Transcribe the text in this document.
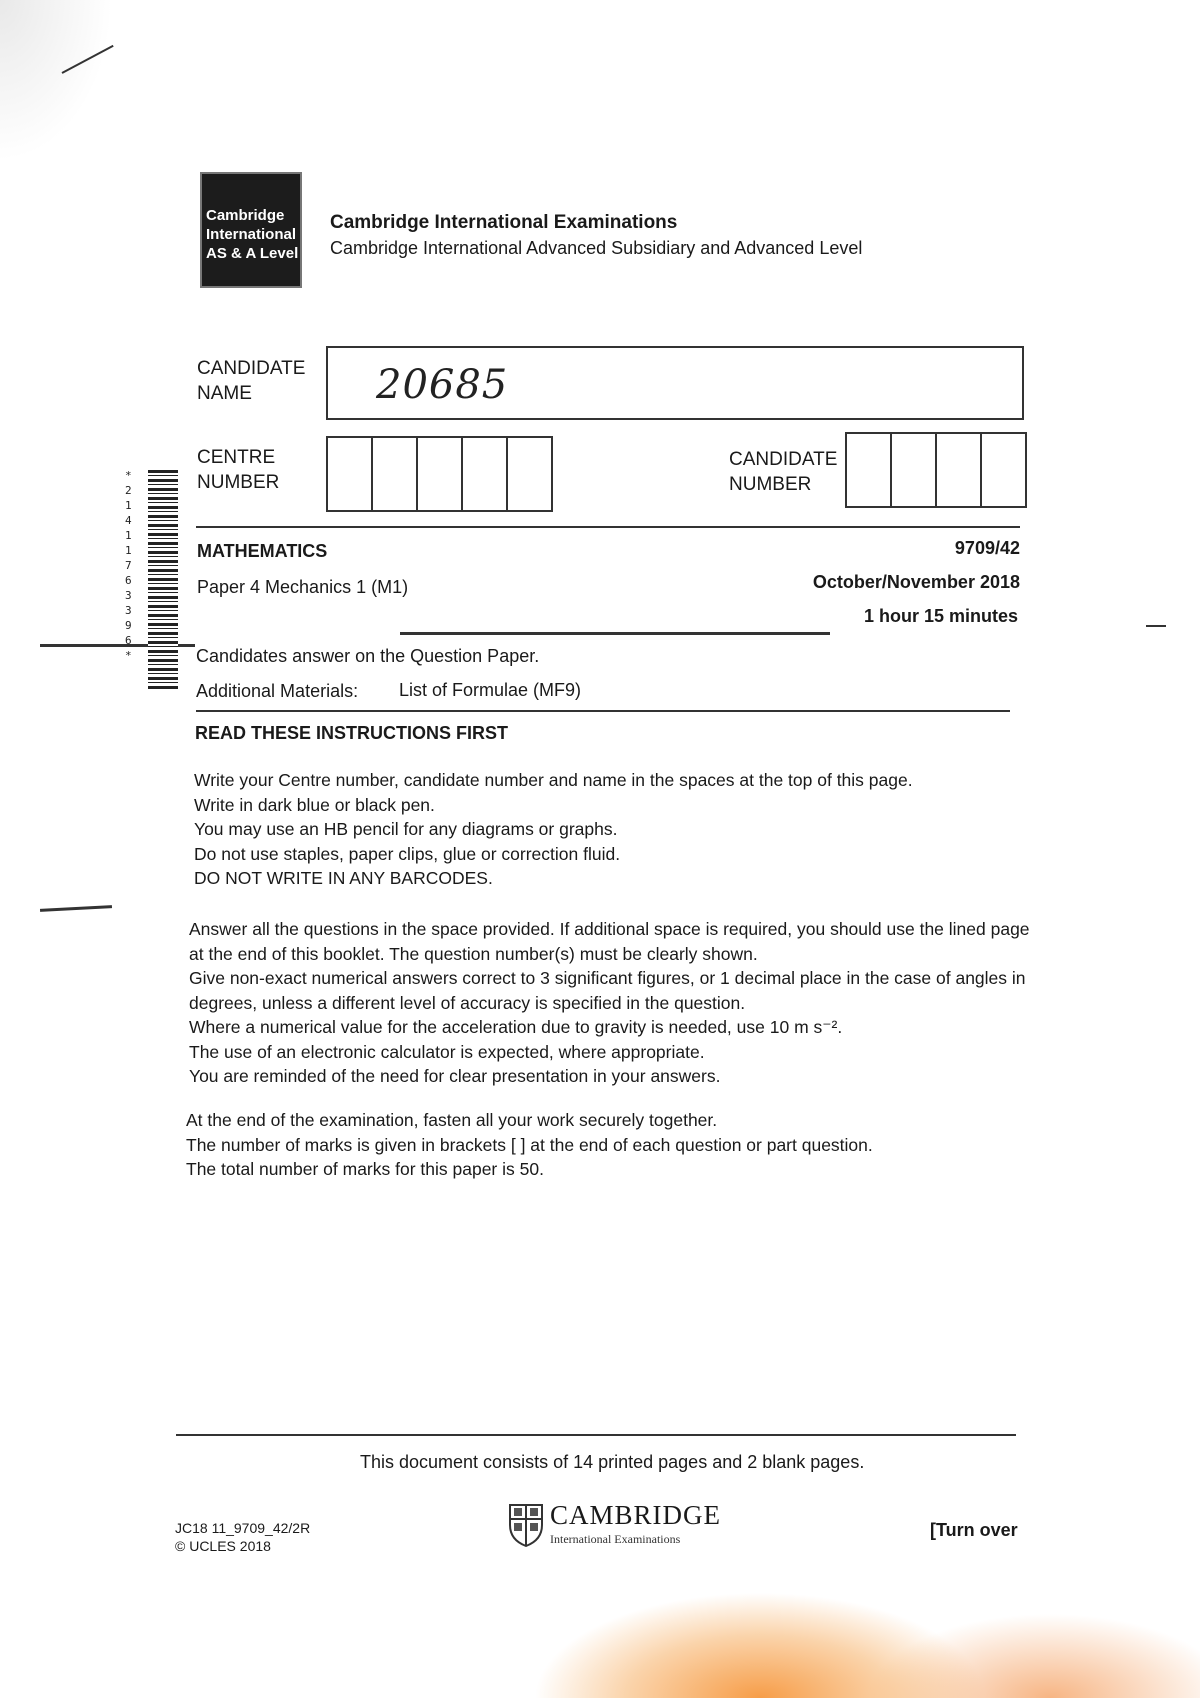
Cambridge
International
AS & A Level
Cambridge International Examinations
Cambridge International Advanced Subsidiary and Advanced Level
CANDIDATE
NAME	20685
CENTRE
NUMBER
CANDIDATE
NUMBER
* 2 1 4 1 1 7 6 3 3 9 6 *
MATHEMATICS	9709/42
Paper 4 Mechanics 1 (M1)	October/November 2018
1 hour 15 minutes
Candidates answer on the Question Paper.
Additional Materials: List of Formulae (MF9)
READ THESE INSTRUCTIONS FIRST
Write your Centre number, candidate number and name in the spaces at the top of this page.
Write in dark blue or black pen.
You may use an HB pencil for any diagrams or graphs.
Do not use staples, paper clips, glue or correction fluid.
DO NOT WRITE IN ANY BARCODES.
Answer all the questions in the space provided. If additional space is required, you should use the lined page
at the end of this booklet. The question number(s) must be clearly shown.
Give non-exact numerical answers correct to 3 significant figures, or 1 decimal place in the case of angles in
degrees, unless a different level of accuracy is specified in the question.
Where a numerical value for the acceleration due to gravity is needed, use 10 m s⁻².
The use of an electronic calculator is expected, where appropriate.
You are reminded of the need for clear presentation in your answers.
At the end of the examination, fasten all your work securely together.
The number of marks is given in brackets [ ] at the end of each question or part question.
The total number of marks for this paper is 50.
This document consists of 14 printed pages and 2 blank pages.
JC18 11_9709_42/2R
© UCLES 2018
CAMBRIDGE
International Examinations	[Turn over
